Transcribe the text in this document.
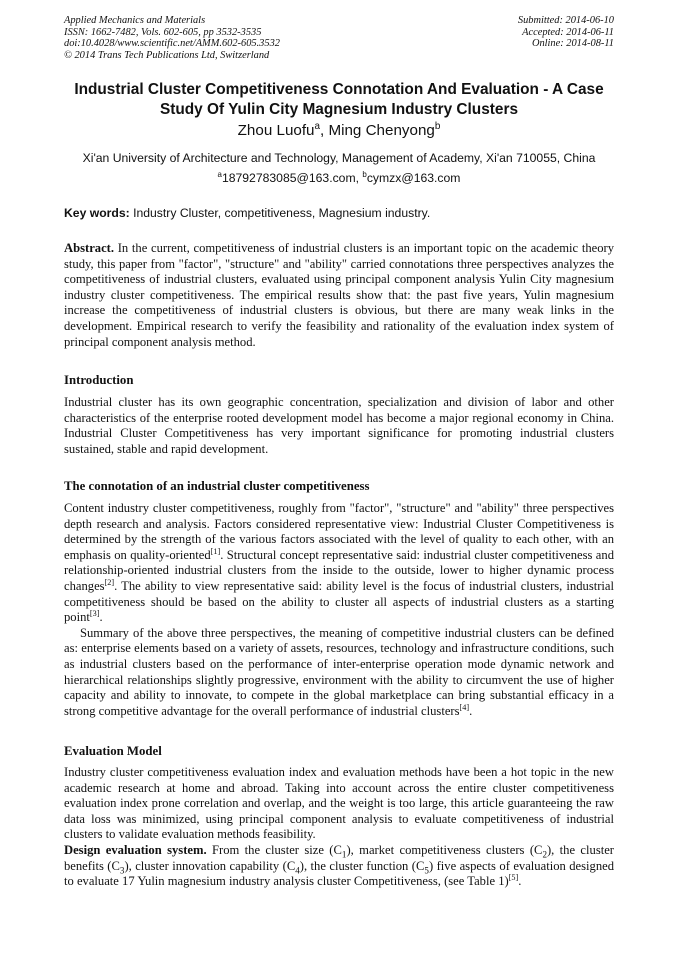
Applied Mechanics and Materials
ISSN: 1662-7482, Vols. 602-605, pp 3532-3535
doi:10.4028/www.scientific.net/AMM.602-605.3532
© 2014 Trans Tech Publications Ltd, Switzerland
Submitted: 2014-06-10
Accepted: 2014-06-11
Online: 2014-08-11
Industrial Cluster Competitiveness Connotation And Evaluation - A Case
Study Of Yulin City Magnesium Industry Clusters
Zhou Luofu$^a$, Ming Chenyong$^b$
Xi'an University of Architecture and Technology, Management of Academy, Xi'an 710055, China
$^a$18792783085@163.com, $^b$cymzx@163.com
Key words: Industry Cluster, competitiveness, Magnesium industry.

Abstract. In the current, competitiveness of industrial clusters is an important topic on the academic theory study, this paper from "factor", "structure" and "ability" carried connotations three perspectives analyzes the competitiveness of industrial clusters, evaluated using principal component analysis Yulin City magnesium industry cluster competitiveness. The empirical results show that: the past five years, Yulin magnesium increase the competitiveness of industrial clusters is obvious, but there are many weak links in the development. Empirical research to verify the feasibility and rationality of the evaluation index system of principal component analysis method.

Introduction

Industrial cluster has its own geographic concentration, specialization and division of labor and other characteristics of the enterprise rooted development model has become a major regional economy in China. Industrial Cluster Competitiveness has very important significance for promoting industrial clusters sustained, stable and rapid development.

The connotation of an industrial cluster competitiveness

Content industry cluster competitiveness, roughly from "factor", "structure" and "ability" three perspectives depth research and analysis. Factors considered representative view: Industrial Cluster Competitiveness is determined by the strength of the various factors associated with the level of quality to each other, with an emphasis on quality-oriented[1]. Structural concept representative said: industrial cluster competitiveness and relationship-oriented industrial clusters from the inside to the outside, lower to higher dynamic process changes[2]. The ability to view representative said: ability level is the focus of industrial clusters, industrial competitiveness should be based on the ability to cluster all aspects of industrial clusters as a starting point[3].

Summary of the above three perspectives, the meaning of competitive industrial clusters can be defined as: enterprise elements based on a variety of assets, resources, technology and infrastructure conditions, such as industrial clusters based on the performance of inter-enterprise operation mode dynamic network and hierarchical relationships slightly progressive, environment with the ability to circumvent the use of higher capacity and ability to innovate, to compete in the global marketplace can bring substantial efficacy in a strong competitive advantage for the overall performance of industrial clusters[4].

Evaluation Model

Industry cluster competitiveness evaluation index and evaluation methods have been a hot topic in the new academic research at home and abroad. Taking into account across the entire cluster competitiveness evaluation index prone correlation and overlap, and the weight is too large, this article guaranteeing the raw data loss was minimized, using principal component analysis to evaluate competitiveness of industrial clusters to validate evaluation methods feasibility.

Design evaluation system. From the cluster size $(C_1)$, market competitiveness clusters $(C_2)$, the cluster benefits $(C_3)$, cluster innovation capability $(C_4)$, the cluster function $(C_5)$ five aspects of evaluation designed to evaluate 17 Yulin magnesium industry analysis cluster Competitiveness, (see Table 1)[5].
